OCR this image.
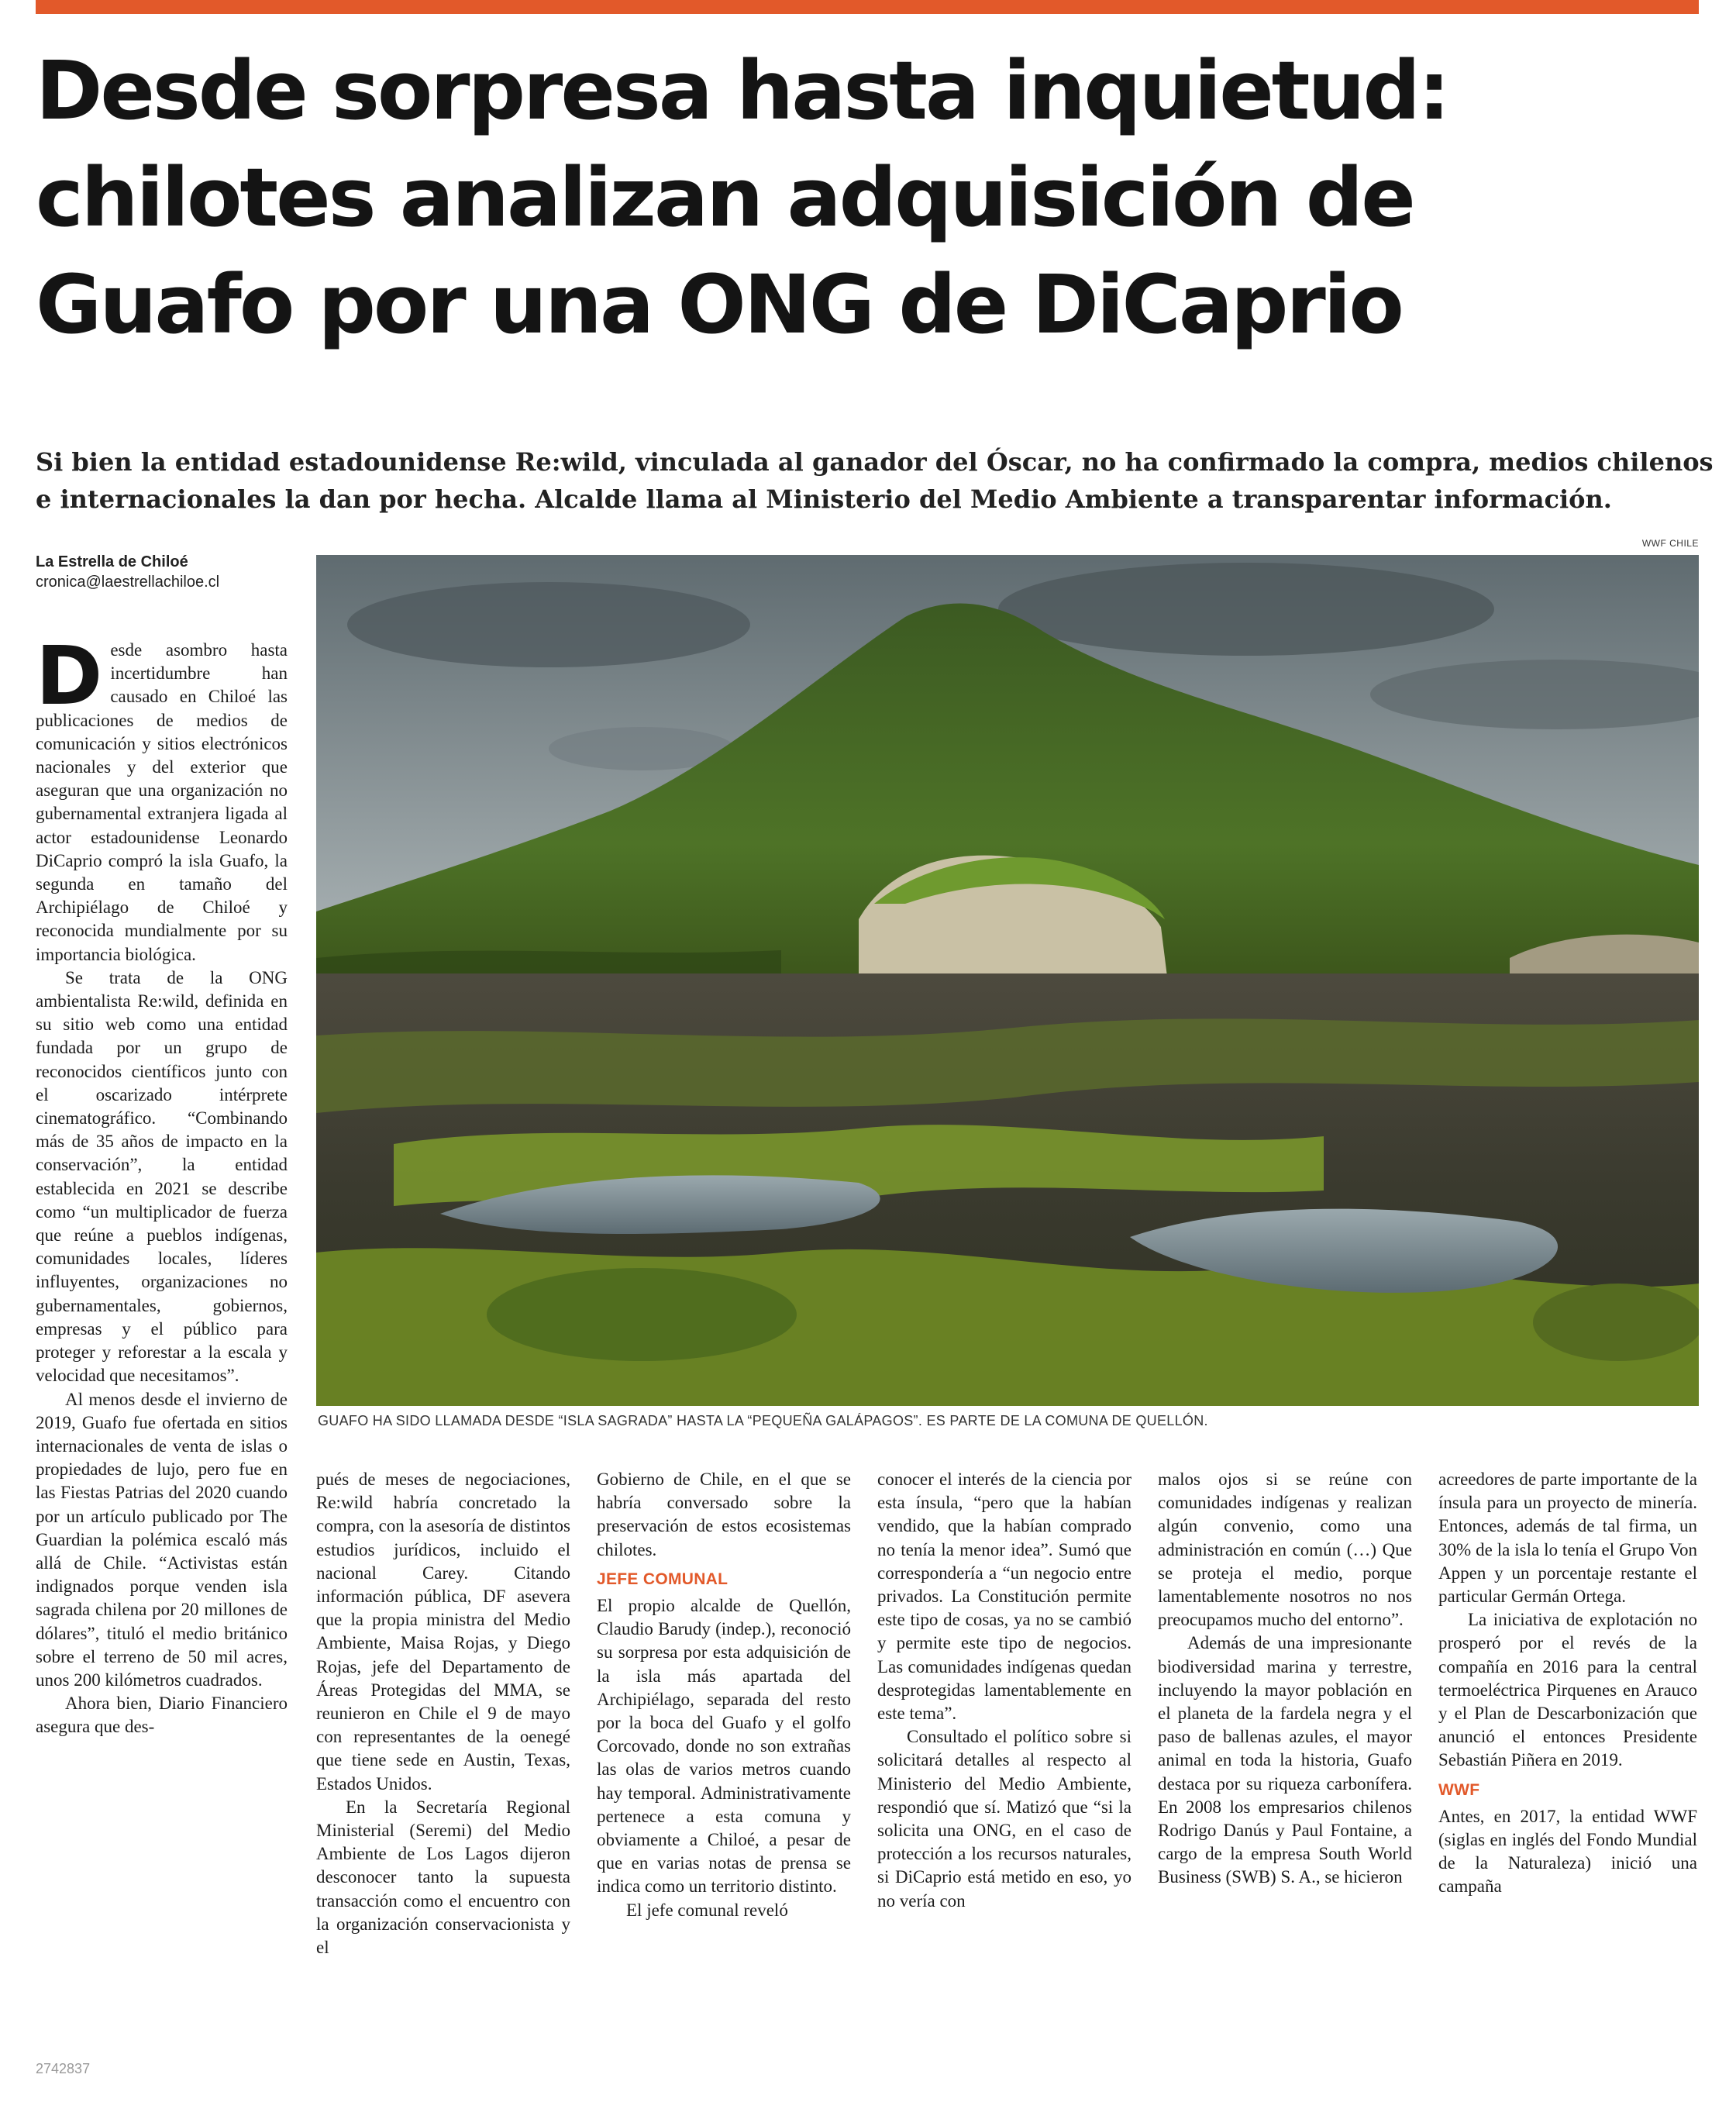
Desde sorpresa hasta inquietud:
chilotes analizan adquisición de
Guafo por una ONG de DiCaprio

Si bien la entidad estadounidense Re:wild, vinculada al ganador del Óscar, no ha confirmado la compra, medios chilenos
e internacionales la dan por hecha. Alcalde llama al Ministerio del Medio Ambiente a transparentar información.

La Estrella de Chiloé
cronica@laestrellachiloe.cl
WWF CHILE
GUAFO HA SIDO LLAMADA DESDE “ISLA SAGRADA” HASTA LA “PEQUEÑA GALÁPAGOS”. ES PARTE DE LA COMUNA DE QUELLÓN.
D esde asombro hasta incertidumbre han causado en Chiloé las publicaciones de medios de comunicación y sitios electrónicos nacionales y del exterior que aseguran que una organización no gubernamental extranjera ligada al actor estadounidense Leonardo DiCaprio compró la isla Guafo, la segunda en tamaño del Archipiélago de Chiloé y reconocida mundialmente por su importancia biológica.

Se trata de la ONG ambientalista Re:wild, definida en su sitio web como una entidad fundada por un grupo de reconocidos científicos junto con el oscarizado intérprete cinematográfico. “Combinando más de 35 años de impacto en la conservación”, la entidad establecida en 2021 se describe como “un multiplicador de fuerza que reúne a pueblos indígenas, comunidades locales, líderes influyentes, organizaciones no gubernamentales, gobiernos, empresas y el público para proteger y reforestar a la escala y velocidad que necesitamos”.

Al menos desde el invierno de 2019, Guafo fue ofertada en sitios internacionales de venta de islas o propiedades de lujo, pero fue en las Fiestas Patrias del 2020 cuando por un artículo publicado por The Guardian la polémica escaló más allá de Chile. “Activistas están indignados porque venden isla sagrada chilena por 20 millones de dólares”, tituló el medio británico sobre el terreno de 50 mil acres, unos 200 kilómetros cuadrados.

Ahora bien, Diario Financiero asegura que des-

pués de meses de negociaciones, Re:wild habría concretado la compra, con la asesoría de distintos estudios jurídicos, incluido el nacional Carey. Citando información pública, DF asevera que la propia ministra del Medio Ambiente, Maisa Rojas, y Diego Rojas, jefe del Departamento de Áreas Protegidas del MMA, se reunieron en Chile el 9 de mayo con representantes de la oenegé que tiene sede en Austin, Texas, Estados Unidos.

En la Secretaría Regional Ministerial (Seremi) del Medio Ambiente de Los Lagos dijeron desconocer tanto la supuesta transacción como el encuentro con la organización conservacionista y el

Gobierno de Chile, en el que se habría conversado sobre la preservación de estos ecosistemas chilotes.

JEFE COMUNAL

El propio alcalde de Quellón, Claudio Barudy (indep.), reconoció su sorpresa por esta adquisición de la isla más apartada del Archipiélago, separada del resto por la boca del Guafo y el golfo Corcovado, donde no son extrañas las olas de varios metros cuando hay temporal. Administrativamente pertenece a esta comuna y obviamente a Chiloé, a pesar de que en varias notas de prensa se indica como un territorio distinto.

El jefe comunal reveló

conocer el interés de la ciencia por esta ínsula, “pero que la habían vendido, que la habían comprado no tenía la menor idea”. Sumó que correspondería a “un negocio entre privados. La Constitución permite este tipo de cosas, ya no se cambió y permite este tipo de negocios. Las comunidades indígenas quedan desprotegidas lamentablemente en este tema”.

Consultado el político sobre si solicitará detalles al respecto al Ministerio del Medio Ambiente, respondió que sí. Matizó que “si la solicita una ONG, en el caso de protección a los recursos naturales, si DiCaprio está metido en eso, yo no vería con

malos ojos si se reúne con comunidades indígenas y realizan algún convenio, como una administración en común (…) Que se proteja el medio, porque lamentablemente nosotros no nos preocupamos mucho del entorno”.

Además de una impresionante biodiversidad marina y terrestre, incluyendo la mayor población en el planeta de la fardela negra y el paso de ballenas azules, el mayor animal en toda la historia, Guafo destaca por su riqueza carbonífera. En 2008 los empresarios chilenos Rodrigo Danús y Paul Fontaine, a cargo de la empresa South World Business (SWB) S. A., se hicieron

acreedores de parte importante de la ínsula para un proyecto de minería. Entonces, además de tal firma, un 30% de la isla lo tenía el Grupo Von Appen y un porcentaje restante el particular Germán Ortega.

La iniciativa de explotación no prosperó por el revés de la compañía en 2016 para la central termoeléctrica Pirquenes en Arauco y el Plan de Descarbonización que anunció el entonces Presidente Sebastián Piñera en 2019.

WWF

Antes, en 2017, la entidad WWF (siglas en inglés del Fondo Mundial de la Naturaleza) inició una campaña

2742837
